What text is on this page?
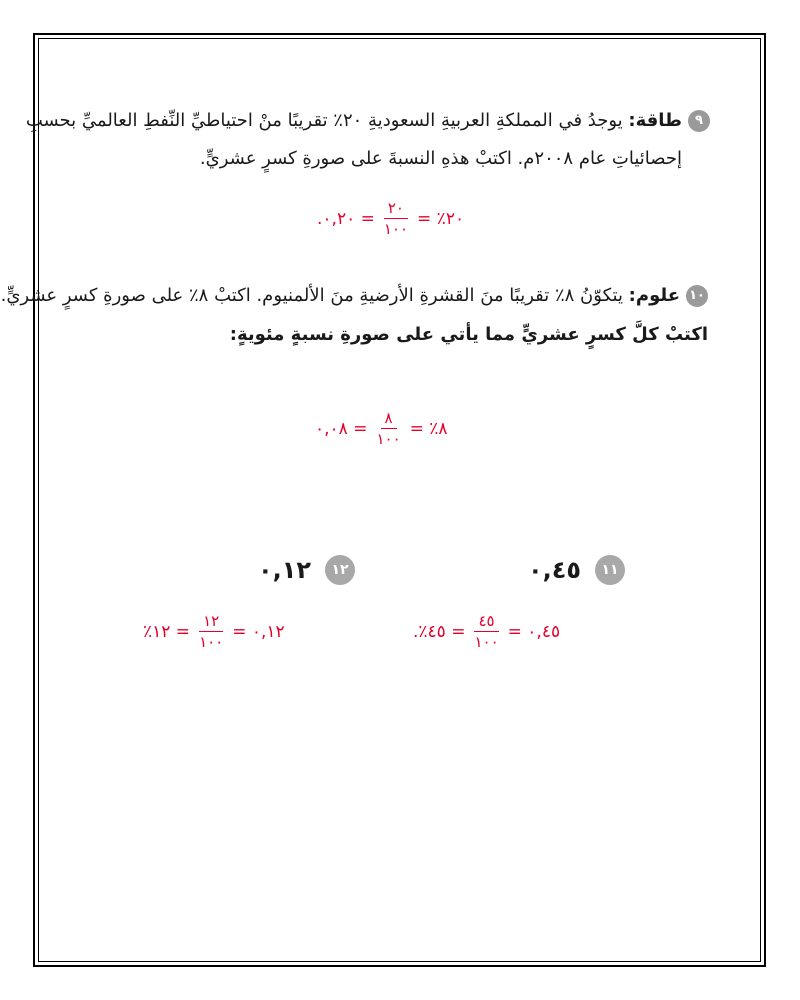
٩طاقة: يوجدُ في المملكةِ العربيةِ السعوديةِ ٢٠٪ تقريبًا منْ احتياطيِّ النِّفطِ العالميِّ بحسبِ
إحصائياتِ عام ٢٠٠٨م. اكتبْ هذهِ النسبةَ على صورةِ كسرٍ عشريٍّ.
.٠,٢٠ = $\frac{٢٠}{١٠٠}$ = ٪٢٠
١٠علوم: يتكوّنُ ٨٪ تقريبًا منَ القشرةِ الأرضيةِ منَ الألمنيوم. اكتبْ ٨٪ على صورةِ كسرٍ عشريٍّ.
اكتبْ كلَّ كسرٍ عشريٍّ مما يأتي على صورةِ نسبةٍ مئويةٍ:
٠,٠٨ = $\frac{٨}{١٠٠}$ = ٪٨
٠,١٢	١٢	٠,٤٥	١١
٪١٢ = $\frac{١٢}{١٠٠}$ = ٠,١٢	.٪٤٥ = $\frac{٤٥}{١٠٠}$ = ٠,٤٥
